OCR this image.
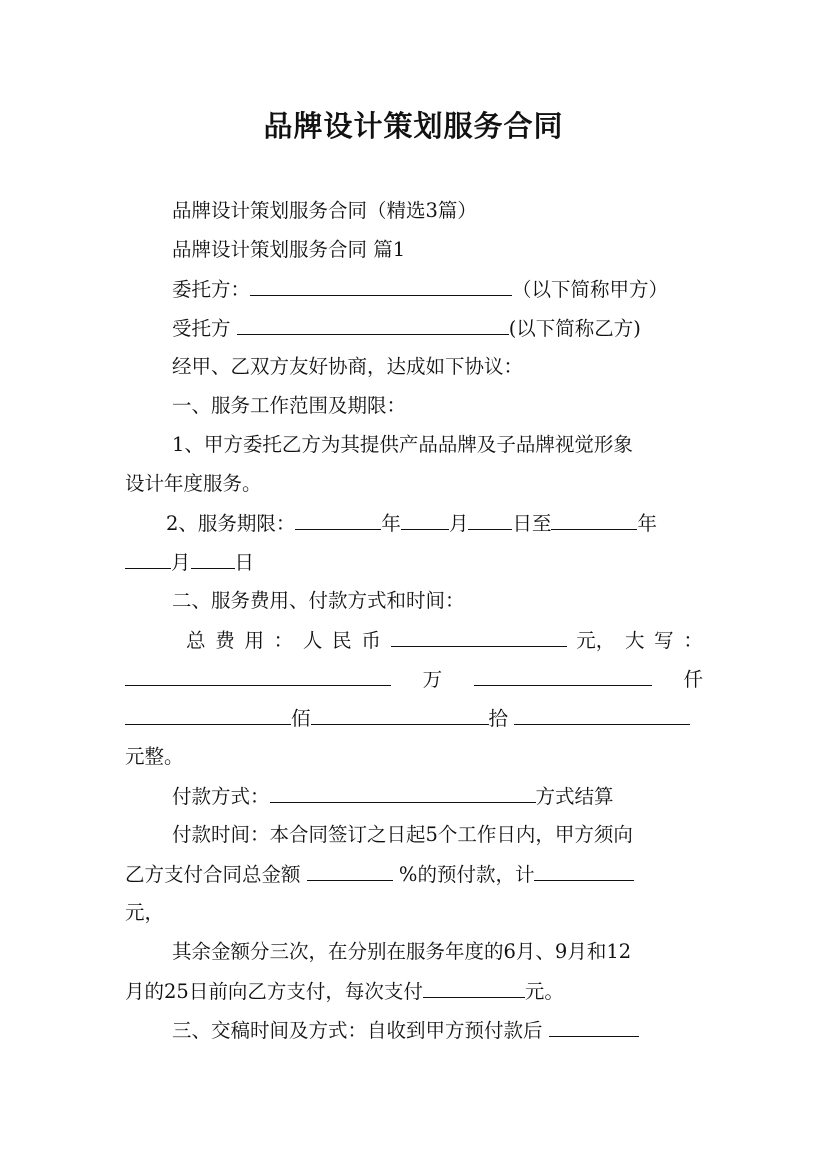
品牌设计策划服务合同
品牌设计策划服务合同（精选3篇）
品牌设计策划服务合同 篇1
委托方：	（以下简称甲方）
受托方	(以下简称乙方)
经甲、乙双方友好协商，达成如下协议：
一、服务工作范围及期限：
1、甲方委托乙方为其提供产品品牌及子品牌视觉形象
设计年度服务。
2、服务期限：	年 月 日至	年
月 日
二、服务费用、付款方式和时间：
总 费 用 ： 人 民 币	元， 大 写 ：
万	仟
佰	拾
元整。
付款方式：	方式结算
付款时间：本合同签订之日起5个工作日内，甲方须向
乙方支付合同总金额	%的预付款，计
元，
其余金额分三次，在分别在服务年度的6月、9月和12
月的25日前向乙方支付，每次支付	元。
三、交稿时间及方式：自收到甲方预付款后
